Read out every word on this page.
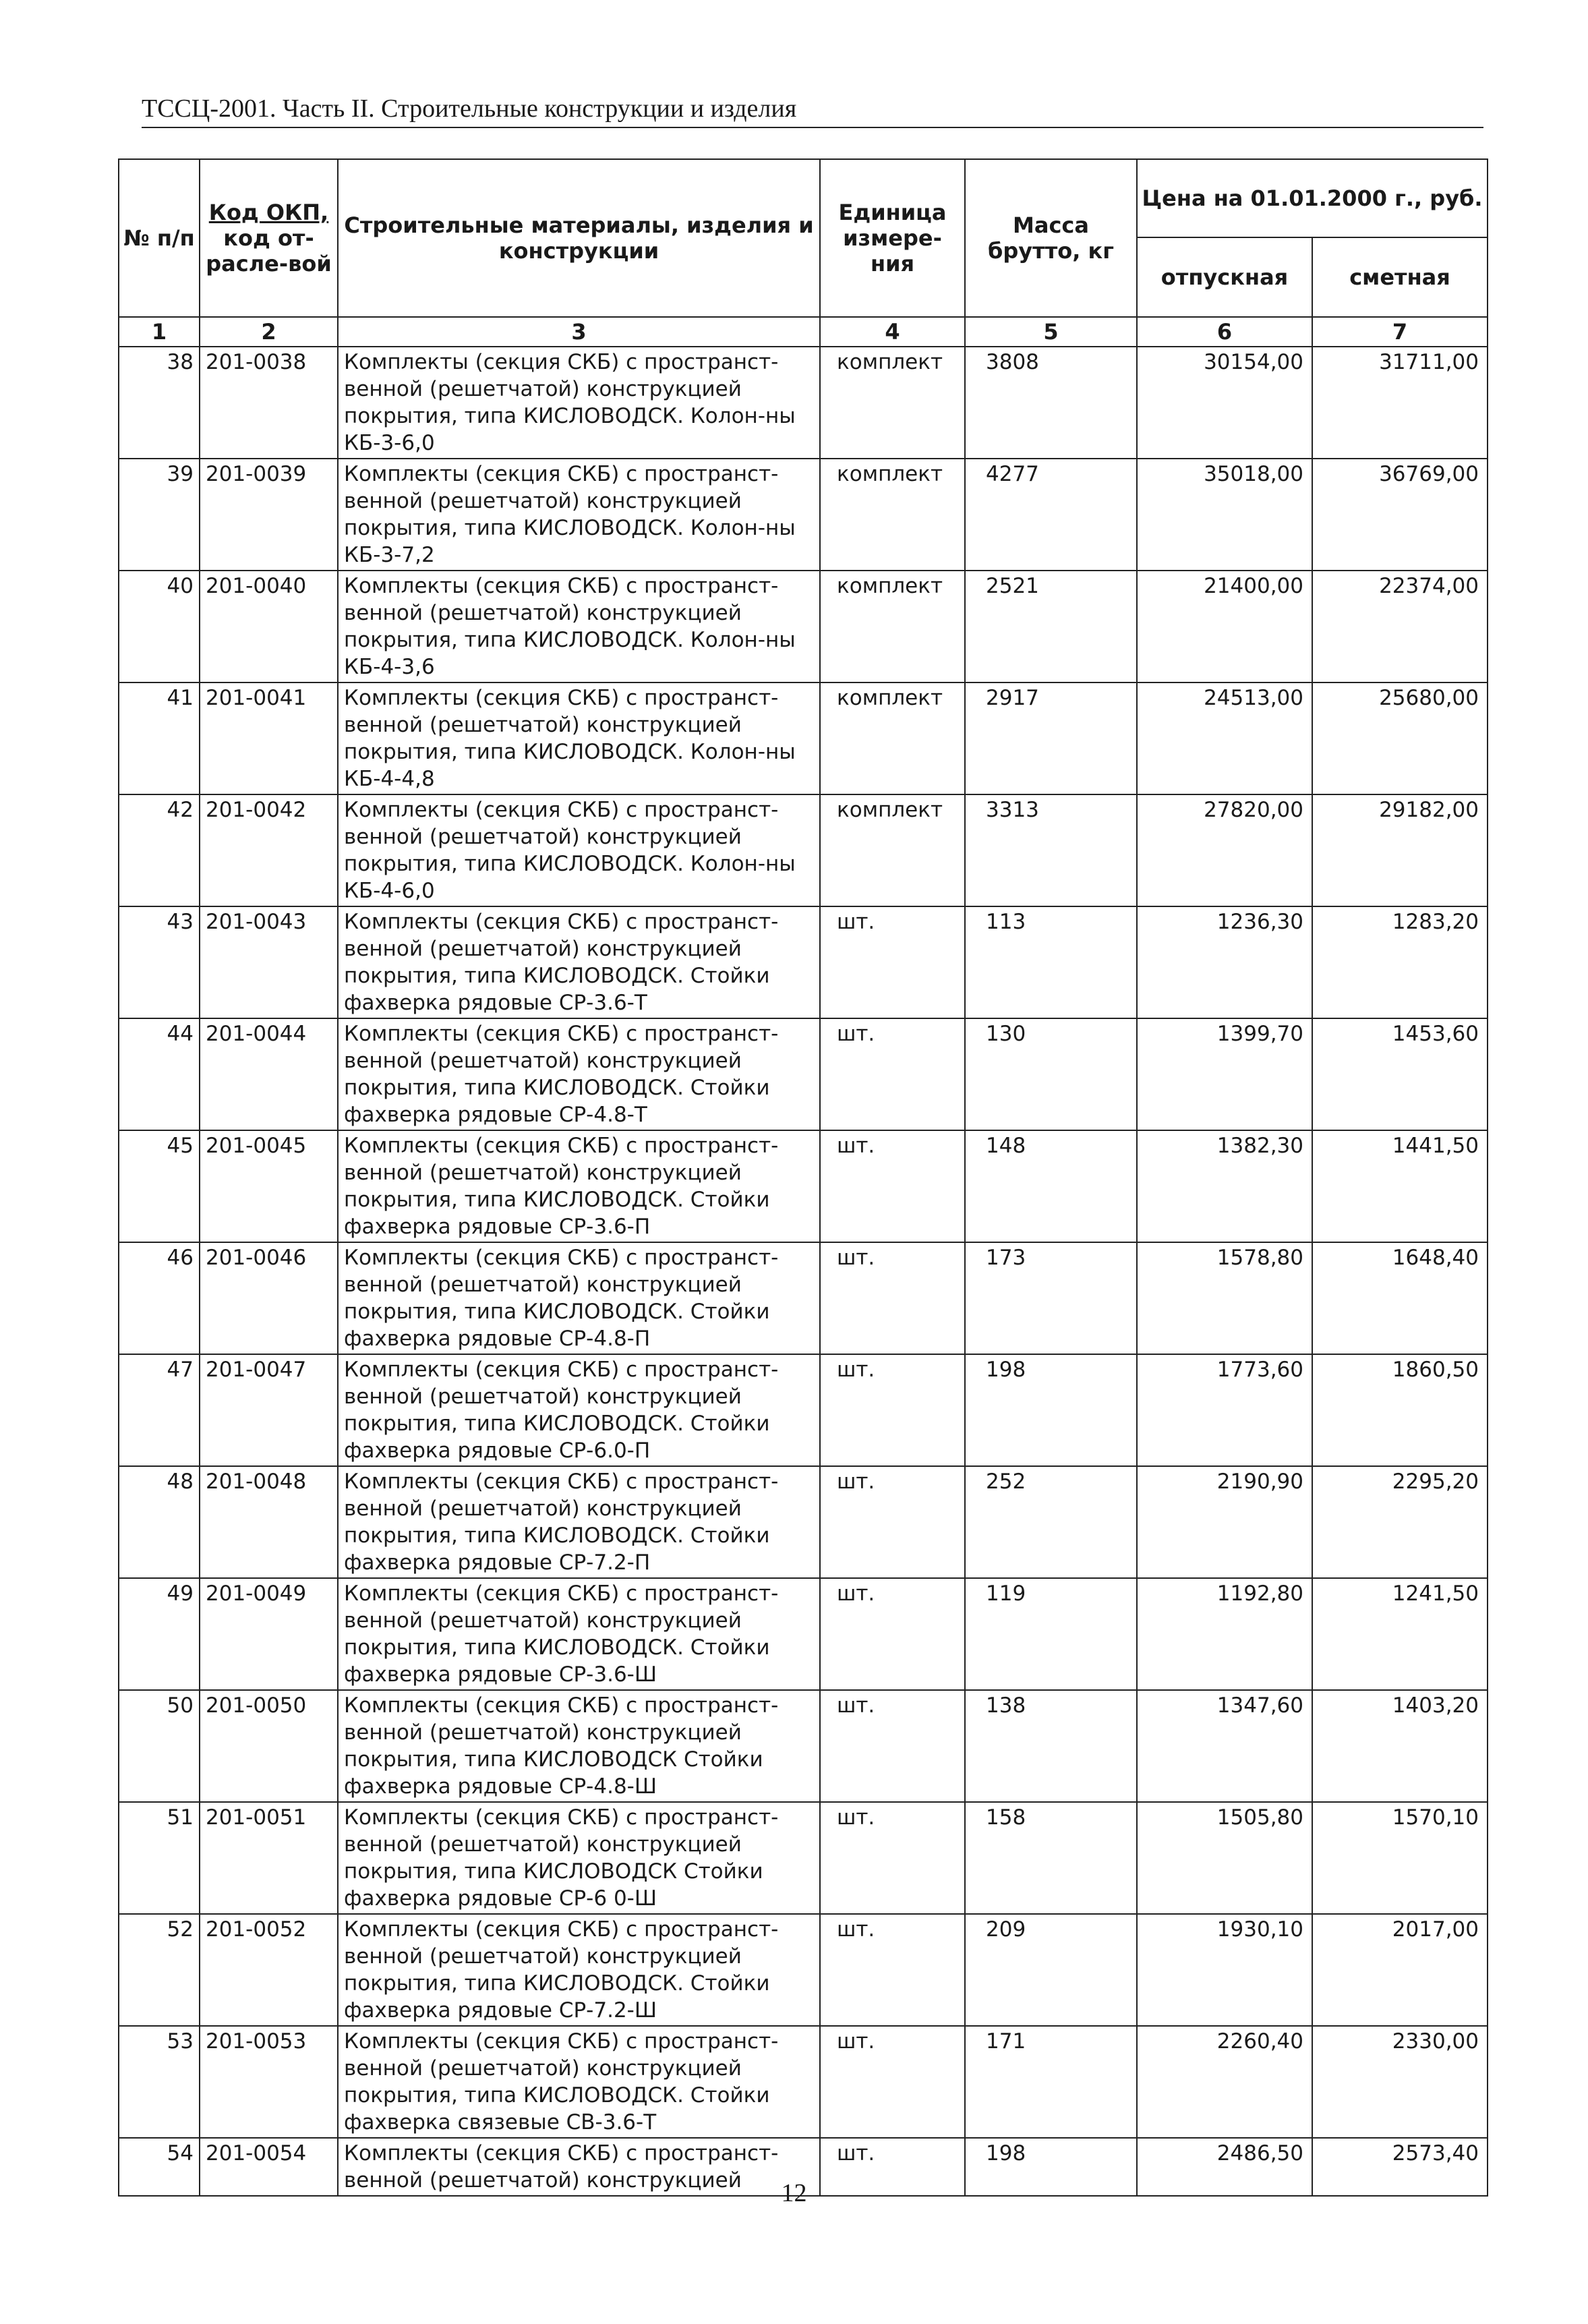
ТССЦ-2001. Часть II. Строительные конструкции и изделия
№ п/п	Код ОКП, код от-расле-вой	Строительные материалы, изделия и конструкции	Единица измере-ния	Масса брутто, кг	Цена на 01.01.2000 г., руб.	
					отпускная	сметная
1	2	3	4	5	6	7
38	201-0038	Комплекты (секция СКБ) с пространст-венной (решетчатой) конструкцией покрытия, типа КИСЛОВОДСК. Колон-ны КБ-3-6,0	комплект	3808	30154,00	31711,00
39	201-0039	Комплекты (секция СКБ) с пространст-венной (решетчатой) конструкцией покрытия, типа КИСЛОВОДСК. Колон-ны КБ-3-7,2	комплект	4277	35018,00	36769,00
40	201-0040	Комплекты (секция СКБ) с пространст-венной (решетчатой) конструкцией покрытия, типа КИСЛОВОДСК. Колон-ны КБ-4-3,6	комплект	2521	21400,00	22374,00
41	201-0041	Комплекты (секция СКБ) с пространст-венной (решетчатой) конструкцией покрытия, типа КИСЛОВОДСК. Колон-ны КБ-4-4,8	комплект	2917	24513,00	25680,00
42	201-0042	Комплекты (секция СКБ) с пространст-венной (решетчатой) конструкцией покрытия, типа КИСЛОВОДСК. Колон-ны КБ-4-6,0	комплект	3313	27820,00	29182,00
43	201-0043	Комплекты (секция СКБ) с пространст-венной (решетчатой) конструкцией покрытия, типа КИСЛОВОДСК. Стойки фахверка рядовые СР-3.6-Т	шт.	113	1236,30	1283,20
44	201-0044	Комплекты (секция СКБ) с пространст-венной (решетчатой) конструкцией покрытия, типа КИСЛОВОДСК. Стойки фахверка рядовые СР-4.8-Т	шт.	130	1399,70	1453,60
45	201-0045	Комплекты (секция СКБ) с пространст-венной (решетчатой) конструкцией покрытия, типа КИСЛОВОДСК. Стойки фахверка рядовые СР-3.6-П	шт.	148	1382,30	1441,50
46	201-0046	Комплекты (секция СКБ) с пространст-венной (решетчатой) конструкцией покрытия, типа КИСЛОВОДСК. Стойки фахверка рядовые СР-4.8-П	шт.	173	1578,80	1648,40
47	201-0047	Комплекты (секция СКБ) с пространст-венной (решетчатой) конструкцией покрытия, типа КИСЛОВОДСК. Стойки фахверка рядовые СР-6.0-П	шт.	198	1773,60	1860,50
48	201-0048	Комплекты (секция СКБ) с пространст-венной (решетчатой) конструкцией покрытия, типа КИСЛОВОДСК. Стойки фахверка рядовые СР-7.2-П	шт.	252	2190,90	2295,20
49	201-0049	Комплекты (секция СКБ) с пространст-венной (решетчатой) конструкцией покрытия, типа КИСЛОВОДСК. Стойки фахверка рядовые СР-3.6-Ш	шт.	119	1192,80	1241,50
50	201-0050	Комплекты (секция СКБ) с пространст-венной (решетчатой) конструкцией покрытия, типа КИСЛОВОДСК Стойки фахверка рядовые СР-4.8-Ш	шт.	138	1347,60	1403,20
51	201-0051	Комплекты (секция СКБ) с пространст-венной (решетчатой) конструкцией покрытия, типа КИСЛОВОДСК Стойки фахверка рядовые СР-6 0-Ш	шт.	158	1505,80	1570,10
52	201-0052	Комплекты (секция СКБ) с пространст-венной (решетчатой) конструкцией покрытия, типа КИСЛОВОДСК. Стойки фахверка рядовые СР-7.2-Ш	шт.	209	1930,10	2017,00
53	201-0053	Комплекты (секция СКБ) с пространст-венной (решетчатой) конструкцией покрытия, типа КИСЛОВОДСК. Стойки фахверка связевые СВ-3.6-Т	шт.	171	2260,40	2330,00
54	201-0054	Комплекты (секция СКБ) с пространст-венной (решетчатой) конструкцией	шт.	198	2486,50	2573,40
12
